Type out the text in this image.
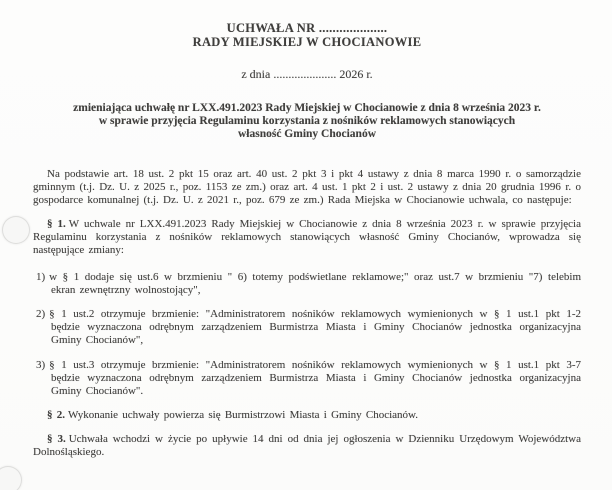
UCHWAŁA NR ....................
RADY MIEJSKIEJ W CHOCIANOWIE
z dnia ..................... 2026 r.
zmieniająca uchwałę nr LXX.491.2023 Rady Miejskiej w Chocianowie z dnia 8 września 2023 r.
w sprawie przyjęcia Regulaminu korzystania z nośników reklamowych stanowiących
własność Gminy Chocianów

Na podstawie art. 18 ust. 2 pkt 15 oraz art. 40 ust. 2 pkt 3 i pkt 4 ustawy z dnia 8 marca 1990 r. o samorządzie gminnym (t.j. Dz. U. z 2025 r., poz. 1153 ze zm.) oraz art. 4 ust. 1 pkt 2 i ust. 2 ustawy z dnia 20 grudnia 1996 r. o gospodarce komunalnej (t.j. Dz. U. z 2021 r., poz. 679 ze zm.) Rada Miejska w Chocianowie uchwala, co następuje:

§ 1. W uchwale nr LXX.491.2023 Rady Miejskiej w Chocianowie z dnia 8 września 2023 r. w sprawie przyjęcia Regulaminu korzystania z nośników reklamowych stanowiących własność Gminy Chocianów, wprowadza się następujące zmiany:

1) w § 1 dodaje się ust.6 w brzmieniu " 6) totemy podświetlane reklamowe;" oraz ust.7 w brzmieniu "7) telebim ekran zewnętrzny wolnostojący",

2) § 1 ust.2 otrzymuje brzmienie: "Administratorem nośników reklamowych wymienionych w § 1 ust.1 pkt 1-2 będzie wyznaczona odrębnym zarządzeniem Burmistrza Miasta i Gminy Chocianów jednostka organizacyjna Gminy Chocianów",

3) § 1 ust.3 otrzymuje brzmienie: "Administratorem nośników reklamowych wymienionych w § 1 ust.1 pkt 3-7 będzie wyznaczona odrębnym zarządzeniem Burmistrza Miasta i Gminy Chocianów jednostka organizacyjna Gminy Chocianów".

§ 2. Wykonanie uchwały powierza się Burmistrzowi Miasta i Gminy Chocianów.

§ 3. Uchwała wchodzi w życie po upływie 14 dni od dnia jej ogłoszenia w Dzienniku Urzędowym Województwa Dolnośląskiego.
